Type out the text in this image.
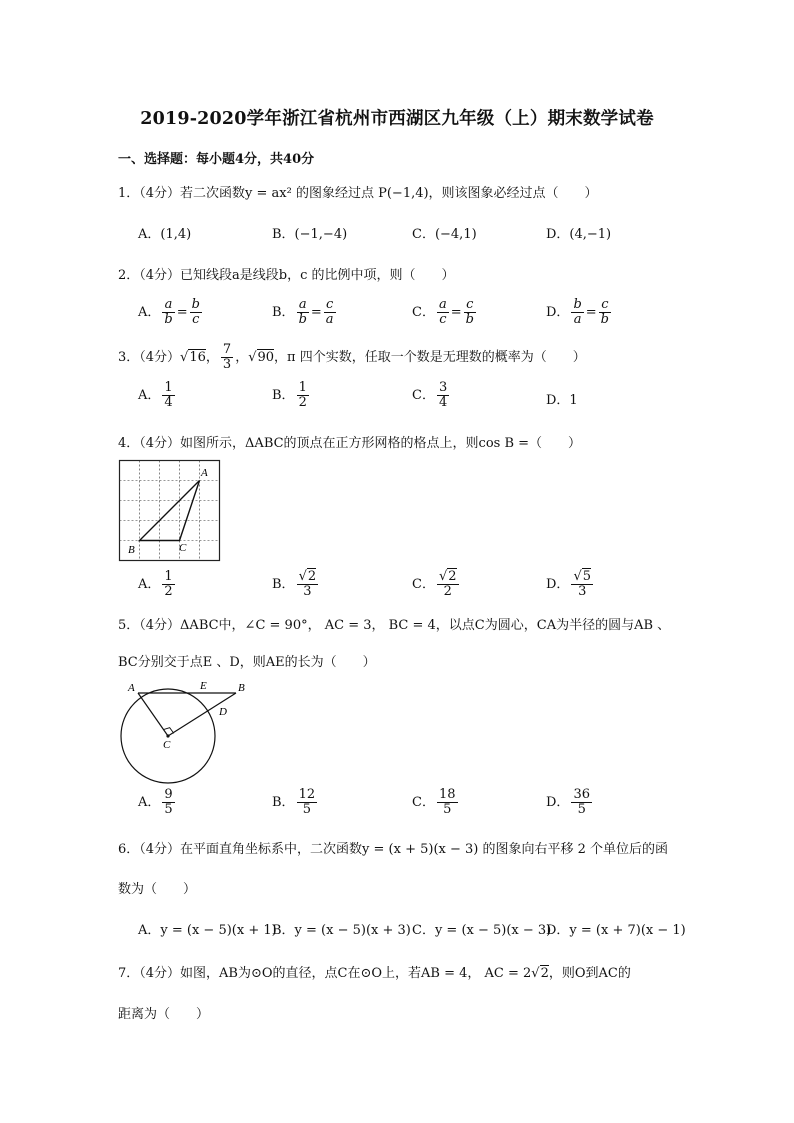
2019-2020学年浙江省杭州市西湖区九年级（上）期末数学试卷
一、选择题：每小题4分，共40分
1．（4分）若二次函数y = ax² 的图象经过点 P(−1,4)，则该图象必经过点（　　）
A．(1,4)	B．(−1,−4)	C．(−4,1)	D．(4,−1)
2．（4分）已知线段a是线段b，c 的比例中项，则（　　）
A． $\frac{a}{b} = \frac{b}{c}$	B． $\frac{a}{b} = \frac{c}{a}$	C． $\frac{a}{c} = \frac{c}{b}$	D． $\frac{b}{a} = \frac{c}{b}$
3．（4分）√16， $\frac{7}{3}$ ，√90，π 四个实数，任取一个数是无理数的概率为（　　）
A． $\frac{1}{4}$	B． $\frac{1}{2}$	C． $\frac{3}{4}$	D．1
4．（4分）如图所示，ΔABC的顶点在正方形网格的格点上，则cos B =（　　）
A
B	C
A． $\frac{1}{2}$	B． $\frac{√2}{3}$	C． $\frac{√2}{2}$	D． $\frac{√5}{3}$
5．（4分）ΔABC中，∠C = 90°， AC = 3， BC = 4，以点C为圆心，CA为半径的圆与AB 、
BC分别交于点E 、D，则AE的长为（　　）
A	E	B
D
C
A． $\frac{9}{5}$	B． $\frac{12}{5}$	C． $\frac{18}{5}$	D． $\frac{36}{5}$
6．（4分）在平面直角坐标系中，二次函数y = (x + 5)(x − 3) 的图象向右平移 2 个单位后的函
数为（　　）
A．y = (x − 5)(x + 1)
B．y = (x − 5)(x + 3) C．y = (x − 5)(x − 3)
D．y = (x + 7)(x − 1)
7．（4分）如图，AB为⊙O的直径，点C在⊙O上，若AB = 4， AC = 2√2，则O到AC的
距离为（　　）
